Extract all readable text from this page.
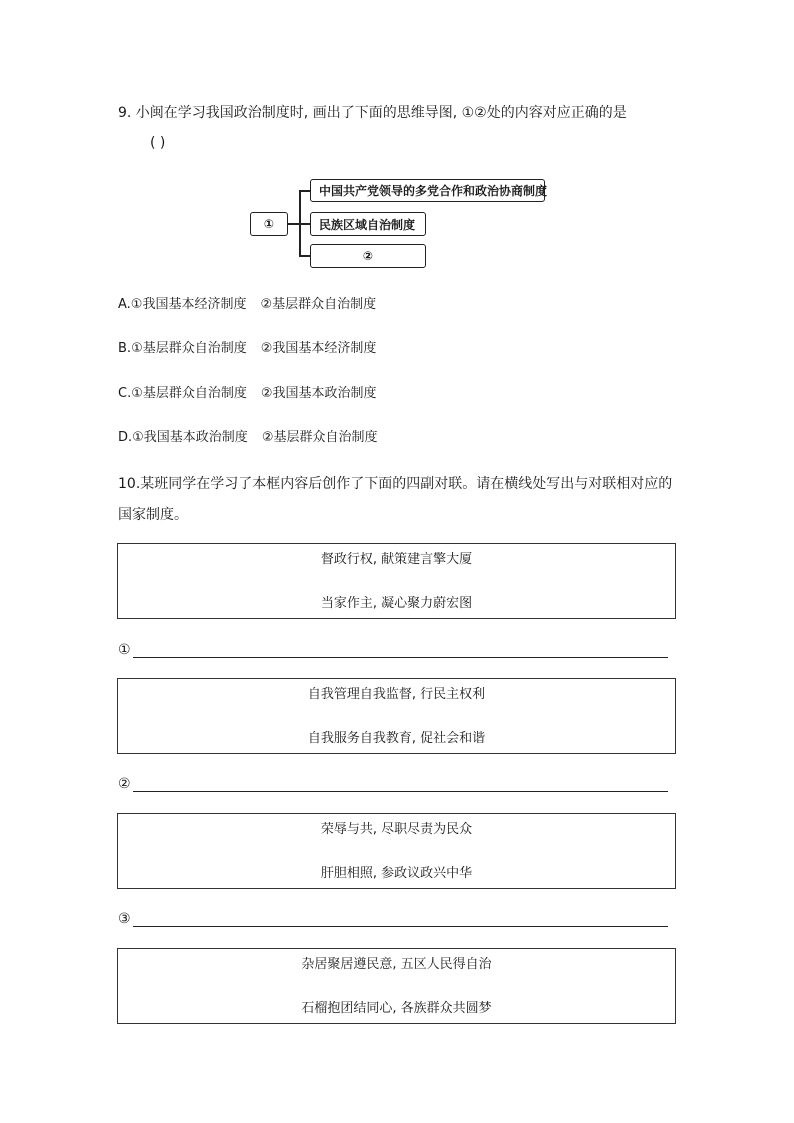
9. 小闽在学习我国政治制度时, 画出了下面的思维导图, ①②处的内容对应正确的是
( )
①
中国共产党领导的多党合作和政治协商制度
民族区域自治制度
②
A.①我国基本经济制度 ②基层群众自治制度
B.①基层群众自治制度 ②我国基本经济制度
C.①基层群众自治制度 ②我国基本政治制度
D.①我国基本政治制度 ②基层群众自治制度
10.某班同学在学习了本框内容后创作了下面的四副对联。请在横线处写出与对联相对应的
国家制度。
督政行权, 献策建言擎大厦
当家作主, 凝心聚力蔚宏图
①
自我管理自我监督, 行民主权利
自我服务自我教育, 促社会和谐
②
荣辱与共, 尽职尽责为民众
肝胆相照, 参政议政兴中华
③
杂居聚居遵民意, 五区人民得自治
石榴抱团结同心, 各族群众共圆梦
